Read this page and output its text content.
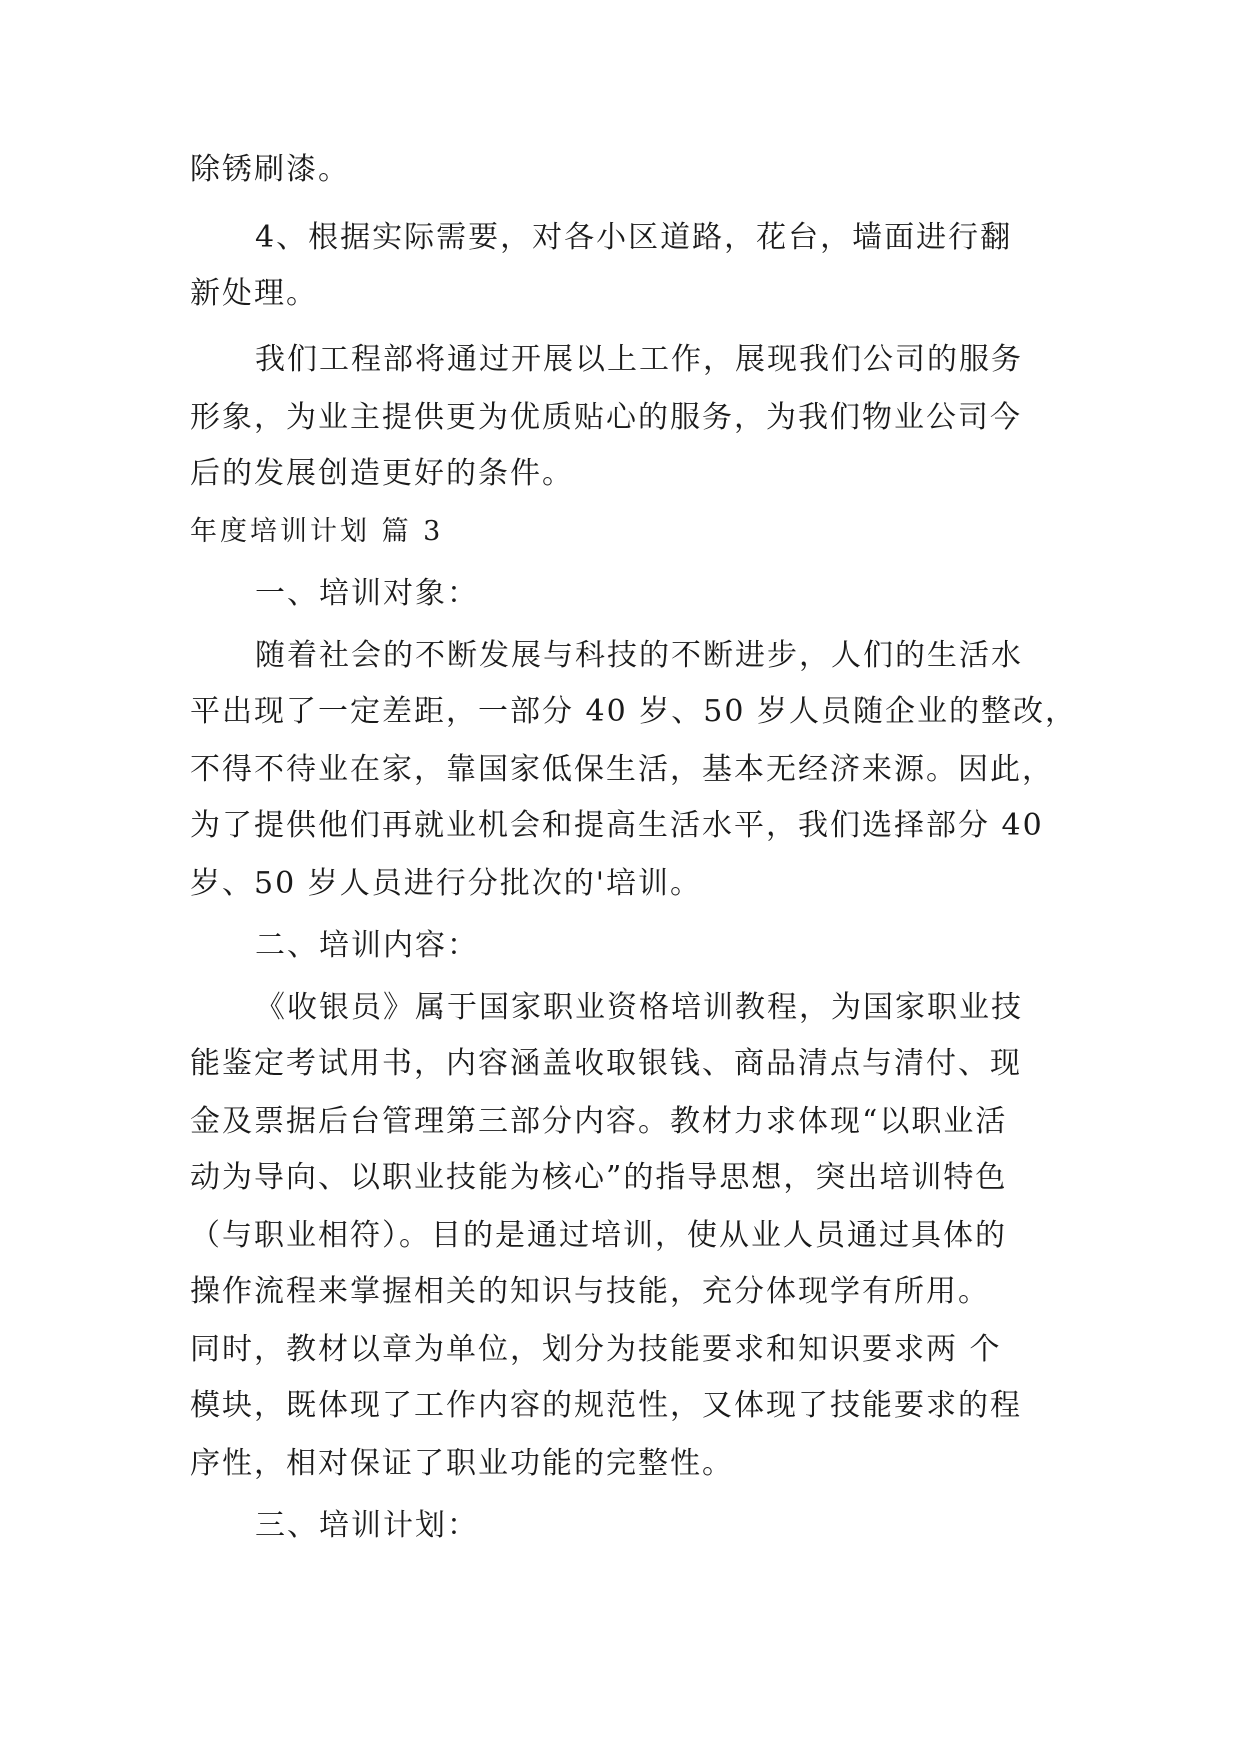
除锈刷漆。
4、根据实际需要，对各小区道路，花台，墙面进行翻
新处理。
我们工程部将通过开展以上工作，展现我们公司的服务
形象，为业主提供更为优质贴心的服务，为我们物业公司今
后的发展创造更好的条件。
年度培训计划 篇 3
一、培训对象：
随着社会的不断发展与科技的不断进步，人们的生活水
平出现了一定差距，一部分 40 岁、50 岁人员随企业的整改，
不得不待业在家，靠国家低保生活，基本无经济来源。因此，
为了提供他们再就业机会和提高生活水平，我们选择部分 40
岁、50 岁人员进行分批次的'培训。
二、培训内容：
《收银员》属于国家职业资格培训教程，为国家职业技
能鉴定考试用书，内容涵盖收取银钱、商品清点与清付、现
金及票据后台管理第三部分内容。教材力求体现“以职业活
动为导向、以职业技能为核心”的指导思想，突出培训特色
（与职业相符）。目的是通过培训，使从业人员通过具体的
操作流程来掌握相关的知识与技能，充分体现学有所用。
同时，教材以章为单位，划分为技能要求和知识要求两 个
模块，既体现了工作内容的规范性，又体现了技能要求的程
序性，相对保证了职业功能的完整性。
三、培训计划：
